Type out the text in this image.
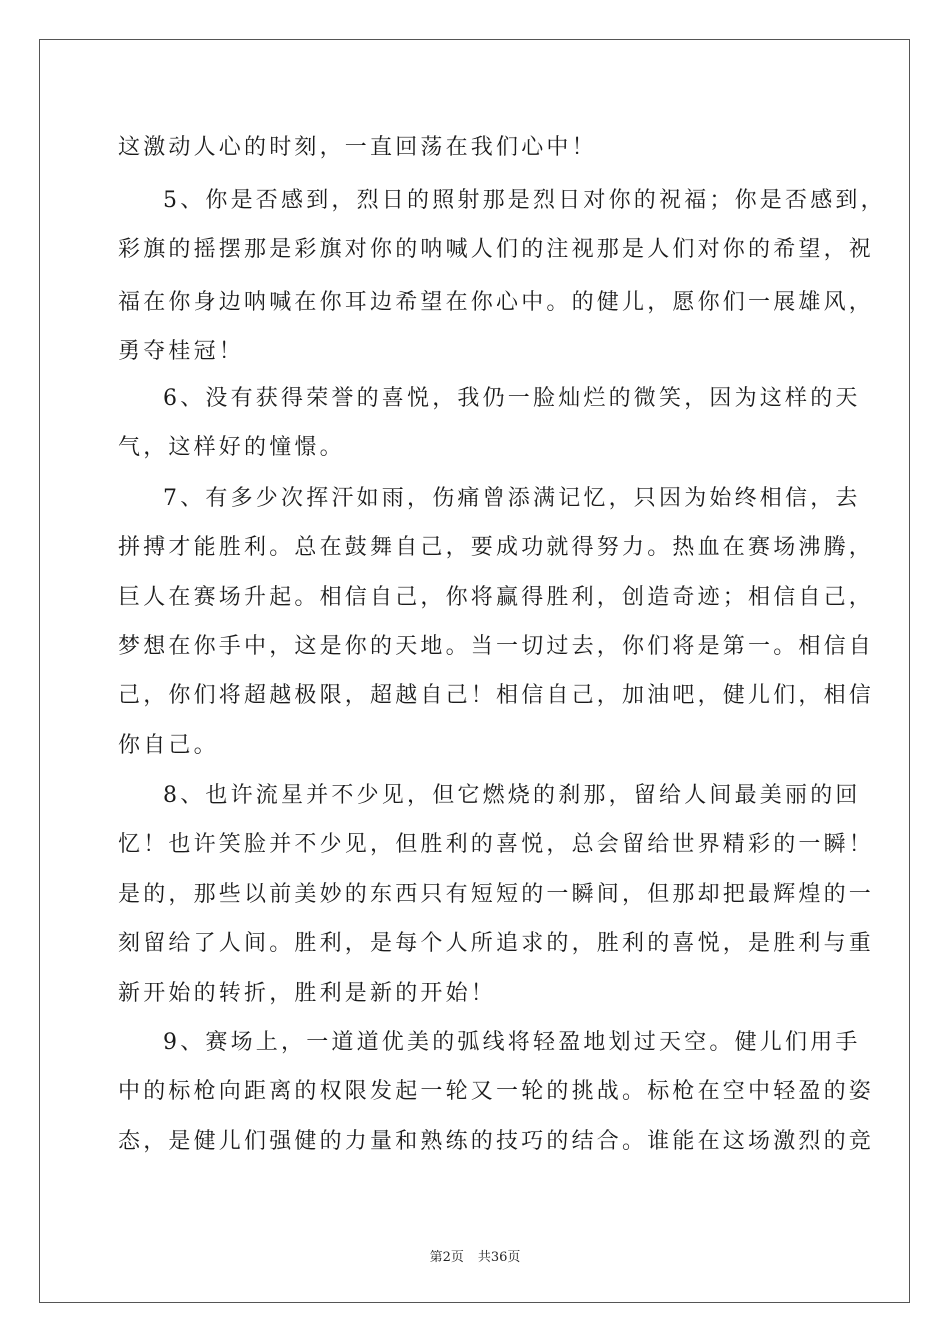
这激动人心的时刻，一直回荡在我们心中！
5、你是否感到，烈日的照射那是烈日对你的祝福；你是否感到，
彩旗的摇摆那是彩旗对你的呐喊人们的注视那是人们对你的希望，祝
福在你身边呐喊在你耳边希望在你心中。的健儿，愿你们一展雄风，
勇夺桂冠！
6、没有获得荣誉的喜悦，我仍一脸灿烂的微笑，因为这样的天
气，这样好的憧憬。
7、有多少次挥汗如雨，伤痛曾添满记忆，只因为始终相信，去
拼搏才能胜利。总在鼓舞自己，要成功就得努力。热血在赛场沸腾，
巨人在赛场升起。相信自己，你将赢得胜利，创造奇迹；相信自己，
梦想在你手中，这是你的天地。当一切过去，你们将是第一。相信自
己，你们将超越极限，超越自己！相信自己，加油吧，健儿们，相信
你自己。
8、也许流星并不少见，但它燃烧的刹那，留给人间最美丽的回
忆！也许笑脸并不少见，但胜利的喜悦，总会留给世界精彩的一瞬！
是的，那些以前美妙的东西只有短短的一瞬间，但那却把最辉煌的一
刻留给了人间。胜利，是每个人所追求的，胜利的喜悦，是胜利与重
新开始的转折，胜利是新的开始！
9、赛场上，一道道优美的弧线将轻盈地划过天空。健儿们用手
中的标枪向距离的权限发起一轮又一轮的挑战。标枪在空中轻盈的姿
态，是健儿们强健的力量和熟练的技巧的结合。谁能在这场激烈的竞
第2页 共36页
